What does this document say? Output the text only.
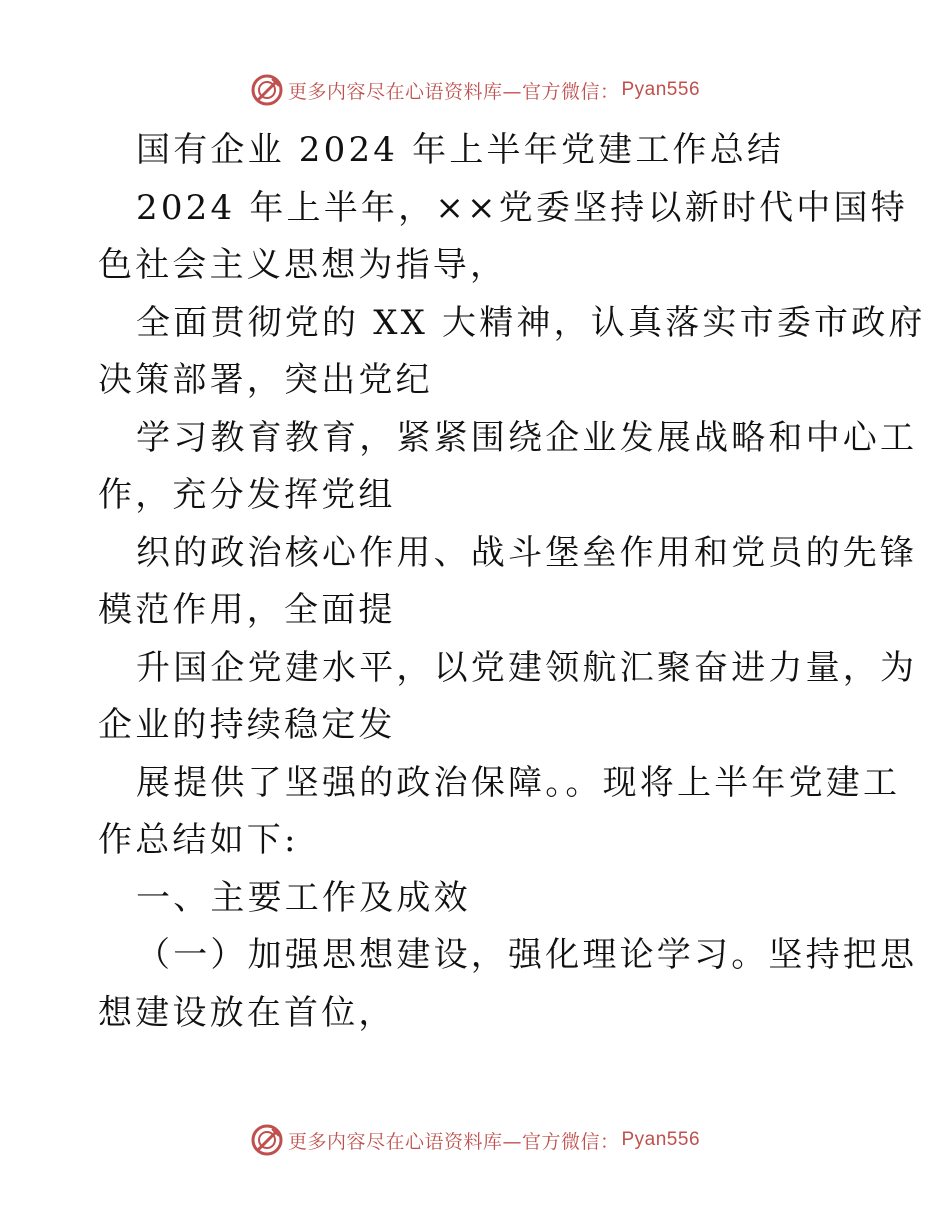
更多内容尽在心语资料库—官方微信： Pyan556

国有企业 2024 年上半年党建工作总结

2024 年上半年，××党委坚持以新时代中国特
色社会主义思想为指导，

全面贯彻党的 XX 大精神，认真落实市委市政府
决策部署，突出党纪

学习教育教育，紧紧围绕企业发展战略和中心工
作，充分发挥党组

织的政治核心作用、战斗堡垒作用和党员的先锋
模范作用，全面提

升国企党建水平，以党建领航汇聚奋进力量，为
企业的持续稳定发

展提供了坚强的政治保障。。现将上半年党建工
作总结如下:

一、主要工作及成效

（一）加强思想建设，强化理论学习。坚持把思
想建设放在首位，

更多内容尽在心语资料库—官方微信： Pyan556
